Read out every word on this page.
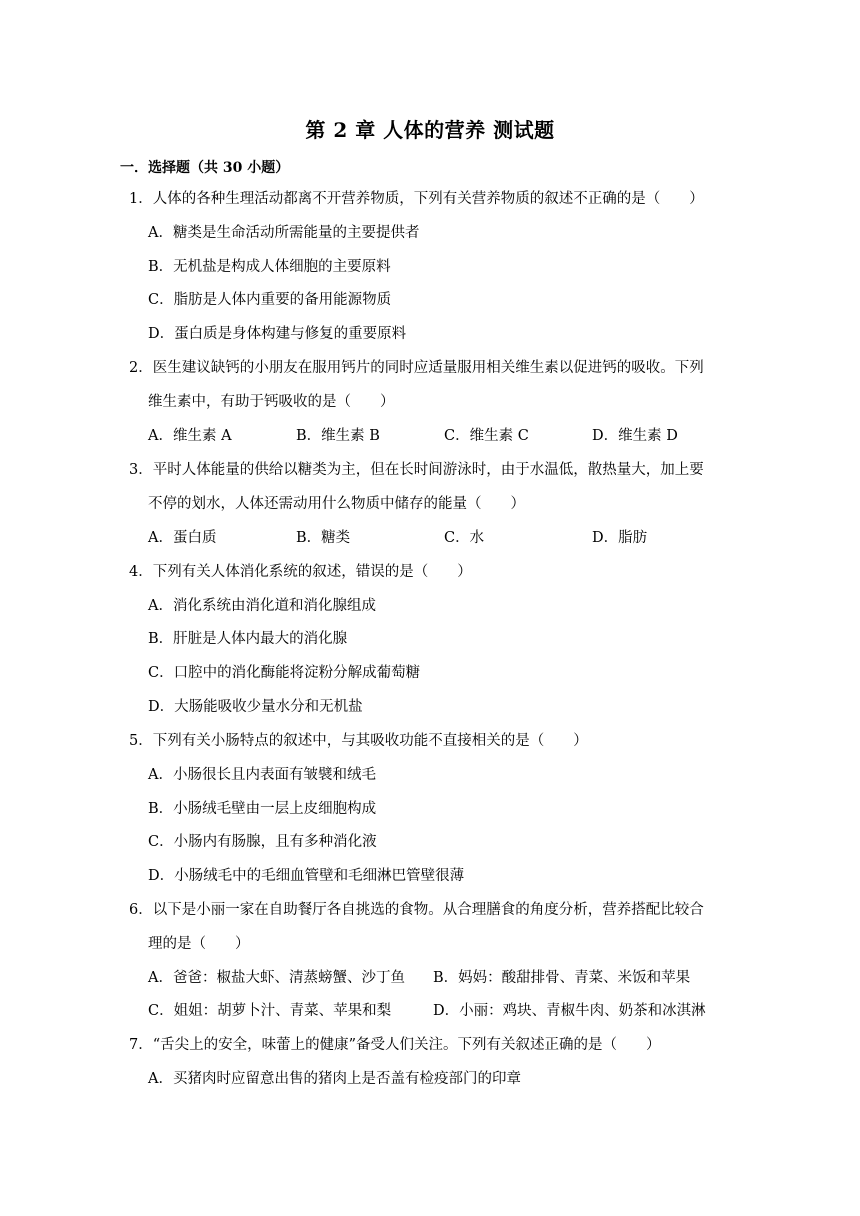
第 2 章 人体的营养 测试题
一．选择题（共 30 小题）
1．人体的各种生理活动都离不开营养物质，下列有关营养物质的叙述不正确的是（　　）
A．糖类是生命活动所需能量的主要提供者
B．无机盐是构成人体细胞的主要原料
C．脂肪是人体内重要的备用能源物质
D．蛋白质是身体构建与修复的重要原料
2．医生建议缺钙的小朋友在服用钙片的同时应适量服用相关维生素以促进钙的吸收。下列
维生素中，有助于钙吸收的是（　　）
A．维生素 A	B．维生素 B	C．维生素 C	D．维生素 D
3．平时人体能量的供给以糖类为主，但在长时间游泳时，由于水温低，散热量大，加上要
不停的划水，人体还需动用什么物质中储存的能量（　　）
A．蛋白质	B．糖类	C．水	D．脂肪
4．下列有关人体消化系统的叙述，错误的是（　　）
A．消化系统由消化道和消化腺组成
B．肝脏是人体内最大的消化腺
C．口腔中的消化酶能将淀粉分解成葡萄糖
D．大肠能吸收少量水分和无机盐
5．下列有关小肠特点的叙述中，与其吸收功能不直接相关的是（　　）
A．小肠很长且内表面有皱襞和绒毛
B．小肠绒毛壁由一层上皮细胞构成
C．小肠内有肠腺，且有多种消化液
D．小肠绒毛中的毛细血管壁和毛细淋巴管壁很薄
6．以下是小丽一家在自助餐厅各自挑选的食物。从合理膳食的角度分析，营养搭配比较合
理的是（　　）
A．爸爸：椒盐大虾、清蒸螃蟹、沙丁鱼 B．妈妈：酸甜排骨、青菜、米饭和苹果
C．姐姐：胡萝卜汁、青菜、苹果和梨	D．小丽：鸡块、青椒牛肉、奶茶和冰淇淋
7．“舌尖上的安全，味蕾上的健康”备受人们关注。下列有关叙述正确的是（　　）
A．买猪肉时应留意出售的猪肉上是否盖有检疫部门的印章
